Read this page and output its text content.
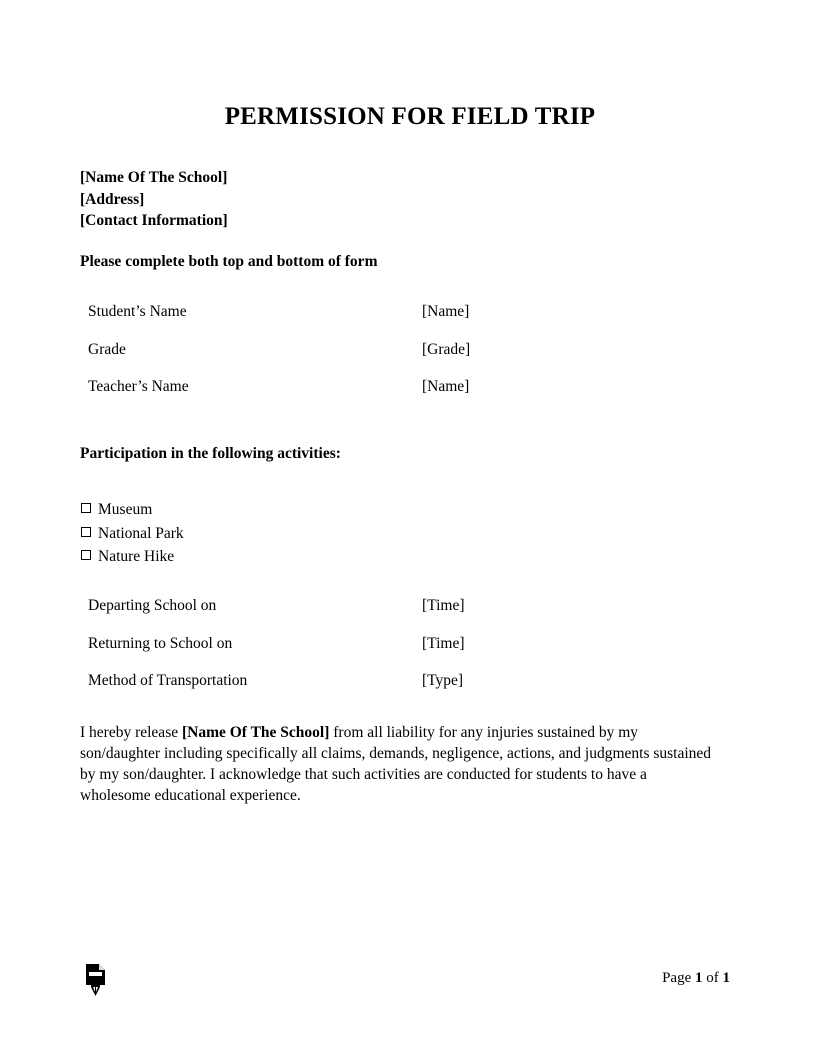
PERMISSION FOR FIELD TRIP
[Name Of The School]
[Address]
[Contact Information]
Please complete both top and bottom of form
Student’s Name	[Name]
Grade	[Grade]
Teacher’s Name	[Name]
Participation in the following activities:
Museum
National Park
Nature Hike
Departing School on	[Time]
Returning to School on	[Time]
Method of Transportation	[Type]
I hereby release [Name Of The School] from all liability for any injuries sustained by my son/daughter including specifically all claims, demands, negligence, actions, and judgments sustained by my son/daughter. I acknowledge that such activities are conducted for students to have a wholesome educational experience.
Page 1 of 1
